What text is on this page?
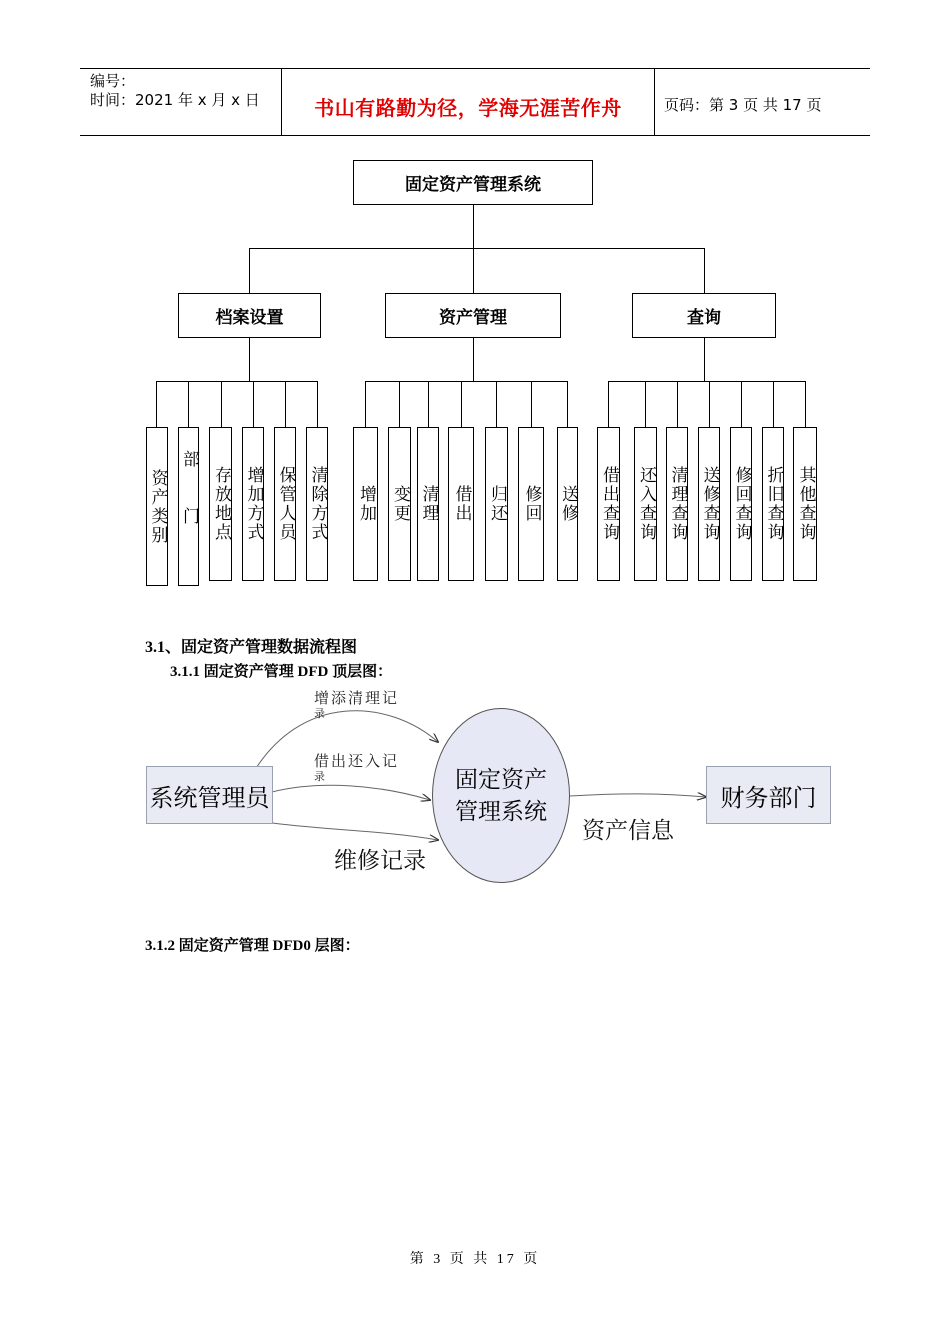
编号：
时间：2021 年 x 月 x 日	书山有路勤为径，学海无涯苦作舟	页码：第 3 页 共 17 页
固定资产管理系统
档案设置	资产管理	查询
资产类别 部门 存放地点 增加方式 保管人员 清除方式 增加 变更 清理 借出 归还 修回 送修 借出查询 还入查询 清理查询 送修查询 修回查询 折旧查询 其他查询
3.1、固定资产管理数据流程图
3.1.1 固定资产管理 DFD 顶层图：
系统管理员
固定资产管理系统	财务部门
增添清理记
录
借出还入记
录
维修记录
资产信息
3.1.2 固定资产管理 DFD0 层图：
第 3 页 共 17 页
